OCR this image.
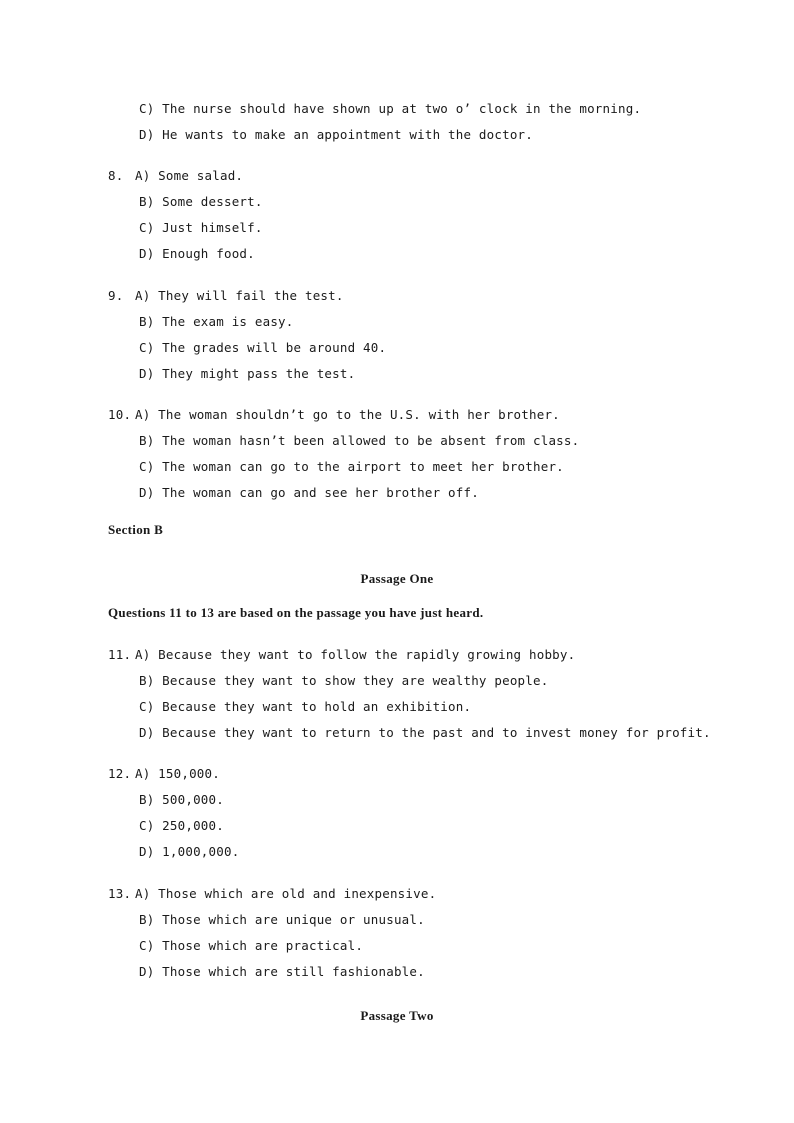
C) The nurse should have shown up at two o’ clock in the morning.
D) He wants to make an appointment with the doctor.
8. A) Some salad.
B) Some dessert.
C) Just himself.
D) Enough food.
9. A) They will fail the test.
B) The exam is easy.
C) The grades will be around 40.
D) They might pass the test.
10. A) The woman shouldn’t go to the U.S. with her brother.
B) The woman hasn’t been allowed to be absent from class.
C) The woman can go to the airport to meet her brother.
D) The woman can go and see her brother off.
Section B
Passage One
Questions 11 to 13 are based on the passage you have just heard.
11. A) Because they want to follow the rapidly growing hobby.
B) Because they want to show they are wealthy people.
C) Because they want to hold an exhibition.
D) Because they want to return to the past and to invest money for profit.
12. A) 150,000.
B) 500,000.
C) 250,000.
D) 1,000,000.
13. A) Those which are old and inexpensive.
B) Those which are unique or unusual.
C) Those which are practical.
D) Those which are still fashionable.
Passage Two
